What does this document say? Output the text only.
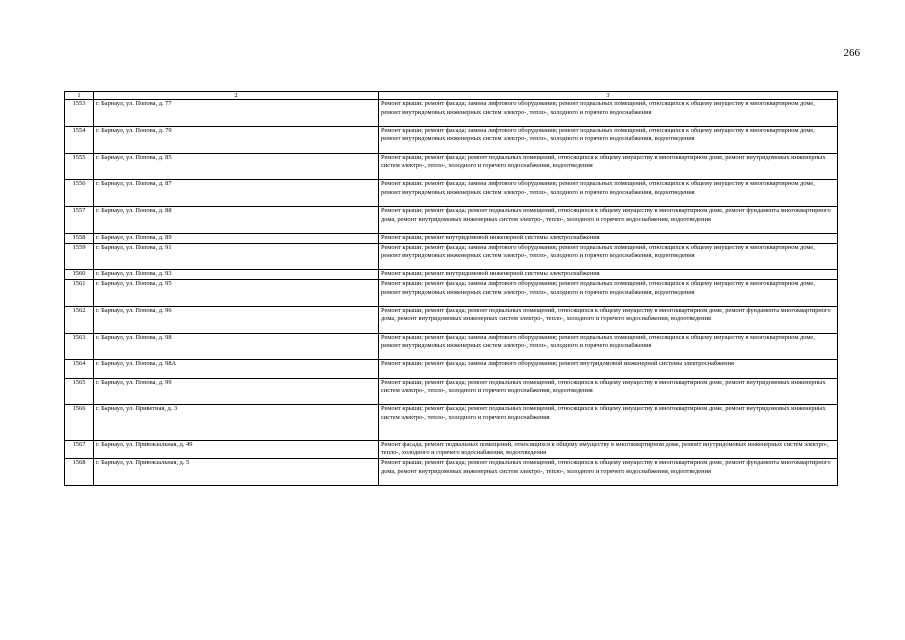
266
1	2	3
1553	г. Барнаул, ул. Попова, д. 77	Ремонт крыши; ремонт фасада; замена лифтового оборудования; ремонт подвальных помещений, относящихся к общему имуществу в многоквартирном доме, ремонт внутридомовых инженерных систем электро-, тепло-, холодного и горячего водоснабжения
1554	г. Барнаул, ул. Попова, д. 79	Ремонт крыши; ремонт фасада; замена лифтового оборудования; ремонт подвальных помещений, относящихся к общему имуществу в многоквартирном доме, ремонт внутридомовых инженерных систем электро-, тепло-, холодного и горячего водоснабжения, водоотведения
1555	г. Барнаул, ул. Попова, д. 85	Ремонт крыши; ремонт фасада; ремонт подвальных помещений, относящихся к общему имуществу в многоквартирном доме, ремонт внутридомовых инженерных систем электро-, тепло-, холодного и горячего водоснабжения, водоотведения
1556	г. Барнаул, ул. Попова, д. 87	Ремонт крыши; ремонт фасада; замена лифтового оборудования; ремонт подвальных помещений, относящихся к общему имуществу в многоквартирном доме, ремонт внутридомовых инженерных систем электро-, тепло-, холодного и горячего водоснабжения, водоотведения
1557	г. Барнаул, ул. Попова, д. 88	Ремонт крыши; ремонт фасада; ремонт подвальных помещений, относящихся к общему имуществу в многоквартирном доме, ремонт фундамента многоквартирного дома, ремонт внутридомовых инженерных систем электро-, тепло-, холодного и горячего водоснабжения, водоотведения
1558	г. Барнаул, ул. Попова, д. 89	Ремонт крыши; ремонт внутридомовой инженерной системы электроснабжения
1559	г. Барнаул, ул. Попова, д. 91	Ремонт крыши; ремонт фасада; замена лифтового оборудования; ремонт подвальных помещений, относящихся к общему имуществу в многоквартирном доме, ремонт внутридомовых инженерных систем электро-, тепло-, холодного и горячего водоснабжения, водоотведения
1560	г. Барнаул, ул. Попова, д. 93	Ремонт крыши; ремонт внутридомовой инженерной системы электроснабжения
1561	г. Барнаул, ул. Попова, д. 95	Ремонт крыши; ремонт фасада; замена лифтового оборудования; ремонт подвальных помещений, относящихся к общему имуществу в многоквартирном доме, ремонт внутридомовых инженерных систем электро-, тепло-, холодного и горячего водоснабжения, водоотведения
1562	г. Барнаул, ул. Попова, д. 96	Ремонт крыши; ремонт фасада; ремонт подвальных помещений, относящихся к общему имуществу в многоквартирном доме, ремонт фундамента многоквартирного дома, ремонт внутридомовых инженерных систем электро-, тепло-, холодного и горячего водоснабжения, водоотведения
1563	г. Барнаул, ул. Попова, д. 98	Ремонт крыши; ремонт фасада; замена лифтового оборудования; ремонт подвальных помещений, относящихся к общему имуществу в многоквартирном доме, ремонт внутридомовых инженерных систем электро-, тепло-, холодного и горячего водоснабжения
1564	г. Барнаул, ул. Попова, д. 98А	Ремонт крыши; ремонт фасада; замена лифтового оборудования; ремонт внутридомовой инженерной системы электроснабжения
1565	г. Барнаул, ул. Попова, д. 99	Ремонт крыши; ремонт фасада; ремонт подвальных помещений, относящихся к общему имуществу в многоквартирном доме, ремонт внутридомовых инженерных систем электро-, тепло-, холодного и горячего водоснабжения, водоотведения
1566	г. Барнаул, ул. Приветная, д. 3	Ремонт крыши; ремонт фасада; ремонт подвальных помещений, относящихся к общему имуществу в многоквартирном доме, ремонт внутридомовых инженерных систем электро-, тепло-, холодного и горячего водоснабжения
1567	г. Барнаул, ул. Привокзальная, д. 49	Ремонт фасада; ремонт подвальных помещений, относящихся к общему имуществу в многоквартирном доме, ремонт внутридомовых инженерных систем электро-, тепло-, холодного и горячего водоснабжения, водоотведения
1568	г. Барнаул, ул. Привокзальная, д. 5	Ремонт крыши; ремонт фасада; ремонт подвальных помещений, относящихся к общему имуществу в многоквартирном доме, ремонт фундамента многоквартирного дома, ремонт внутридомовых инженерных систем электро-, тепло-, холодного и горячего водоснабжения, водоотведения
